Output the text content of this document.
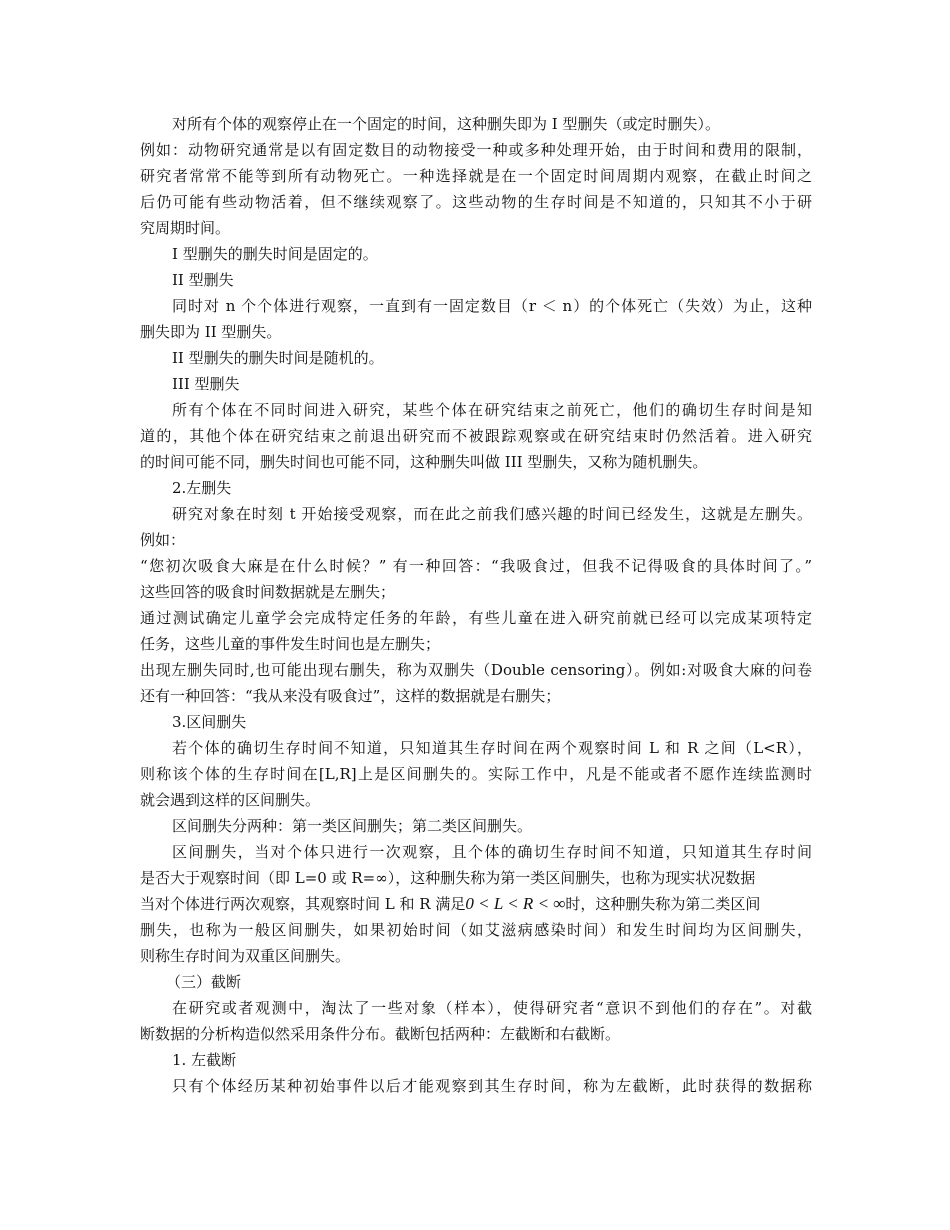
对所有个体的观察停止在一个固定的时间，这种删失即为 I 型删失（或定时删失）。
例如：动物研究通常是以有固定数目的动物接受一种或多种处理开始，由于时间和费用的限制，
研究者常常不能等到所有动物死亡。一种选择就是在一个固定时间周期内观察，在截止时间之
后仍可能有些动物活着，但不继续观察了。这些动物的生存时间是不知道的，只知其不小于研
究周期时间。
I 型删失的删失时间是固定的。
II 型删失
同时对 n 个个体进行观察，一直到有一固定数目（r ＜ n）的个体死亡（失效）为止，这种
删失即为 II 型删失。
II 型删失的删失时间是随机的。
III 型删失
所有个体在不同时间进入研究，某些个体在研究结束之前死亡，他们的确切生存时间是知
道的，其他个体在研究结束之前退出研究而不被跟踪观察或在研究结束时仍然活着。进入研究
的时间可能不同，删失时间也可能不同，这种删失叫做 III 型删失，又称为随机删失。
2.左删失
研究对象在时刻 t 开始接受观察，而在此之前我们感兴趣的时间已经发生，这就是左删失。
例如：
“您初次吸食大麻是在什么时候？” 有一种回答：“我吸食过，但我不记得吸食的具体时间了。”
这些回答的吸食时间数据就是左删失；
通过测试确定儿童学会完成特定任务的年龄，有些儿童在进入研究前就已经可以完成某项特定
任务，这些儿童的事件发生时间也是左删失；
出现左删失同时,也可能出现右删失，称为双删失（Double censoring）。例如:对吸食大麻的问卷
还有一种回答：“我从来没有吸食过”，这样的数据就是右删失；
3.区间删失
若个体的确切生存时间不知道，只知道其生存时间在两个观察时间 L 和 R 之间（L<R），
则称该个体的生存时间在[L,R]上是区间删失的。实际工作中，凡是不能或者不愿作连续监测时
就会遇到这样的区间删失。
区间删失分两种：第一类区间删失；第二类区间删失。
区间删失，当对个体只进行一次观察，且个体的确切生存时间不知道，只知道其生存时间
是否大于观察时间（即 L=0 或 R=∞），这种删失称为第一类区间删失，也称为现实状况数据
当对个体进行两次观察，其观察时间 L 和 R 满足0 < L < R < ∞时，这种删失称为第二类区间
删失，也称为一般区间删失，如果初始时间（如艾滋病感染时间）和发生时间均为区间删失，
则称生存时间为双重区间删失。
（三）截断
在研究或者观测中，淘汰了一些对象（样本），使得研究者“意识不到他们的存在”。对截
断数据的分析构造似然采用条件分布。截断包括两种：左截断和右截断。
1. 左截断
只有个体经历某种初始事件以后才能观察到其生存时间，称为左截断，此时获得的数据称
